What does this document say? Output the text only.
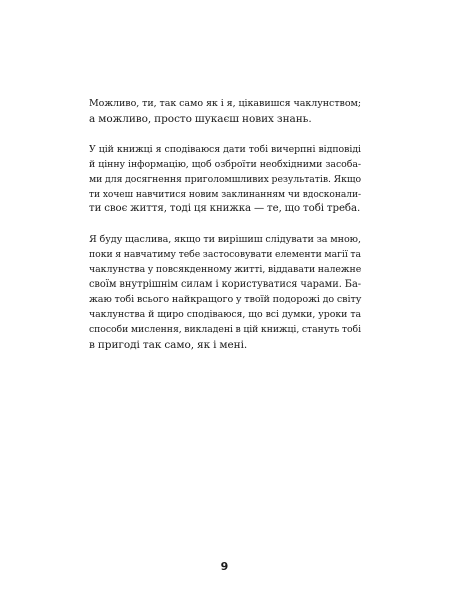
Можливо, ти, так само як і я, цікавишся чаклунством;
а можливо, просто шукаєш нових знань.

У цій книжці я сподіваюся дати тобі вичерпні відповіді
й цінну інформацію, щоб озброїти необхідними засоба-
ми для досягнення приголомшливих результатів. Якщо
ти хочеш навчитися новим заклинанням чи вдосконали-
ти своє життя, тоді ця книжка — те, що тобі треба.

Я буду щаслива, якщо ти вирішиш слідувати за мною,
поки я навчатиму тебе застосовувати елементи магії та
чаклунства у повсякденному житті, віддавати належне
своїм внутрішнім силам і користуватися чарами. Ба-
жаю тобі всього найкращого у твоїй подорожі до світу
чаклунства й щиро сподіваюся, що всі думки, уроки та
способи мислення, викладені в цій книжці, стануть тобі
в пригоді так само, як і мені.

9
